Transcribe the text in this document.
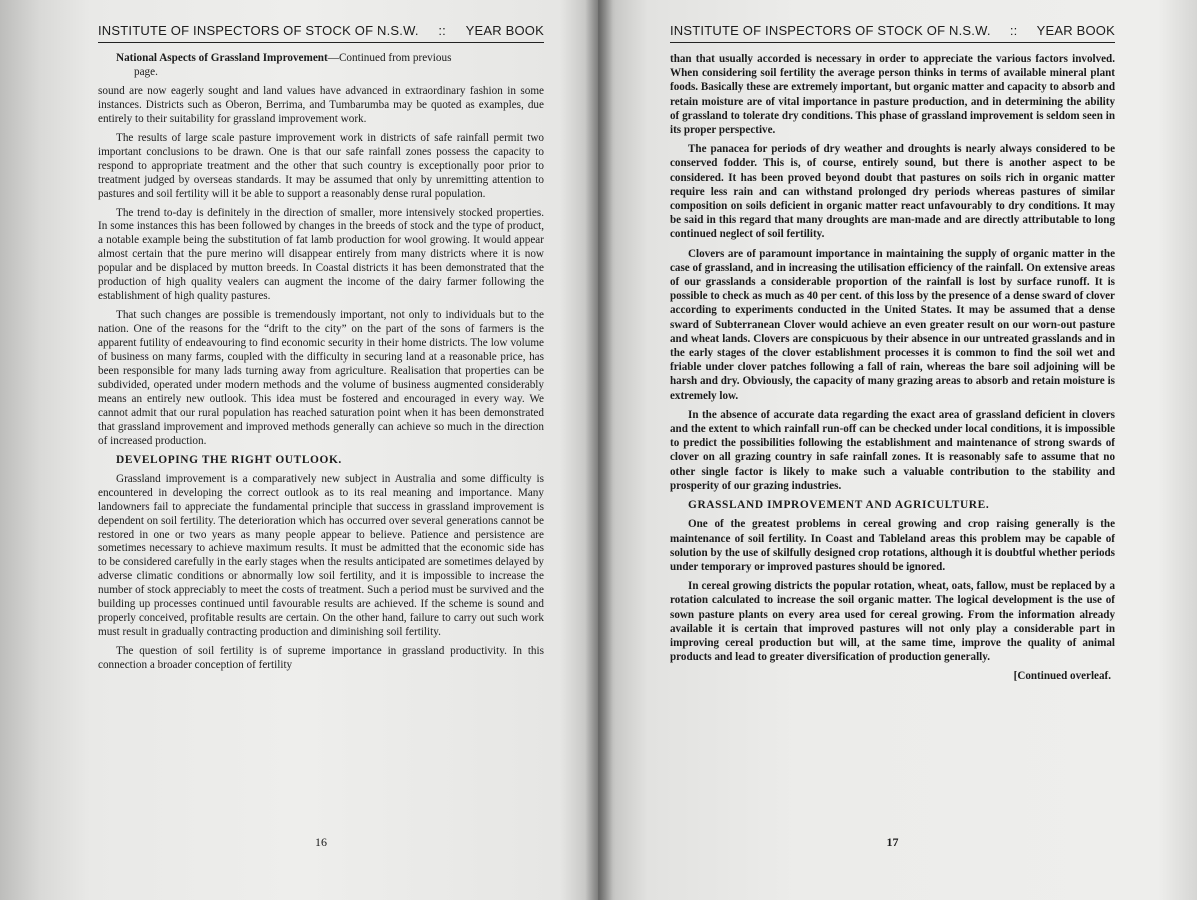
INSTITUTE OF INSPECTORS OF STOCK OF N.S.W. :: YEAR BOOK

National Aspects of Grassland Improvement—Continued from previous
page.

sound are now eagerly sought and land values have advanced in extraordinary fashion in some instances. Districts such as Oberon, Berrima, and Tumbarumba may be quoted as examples, due entirely to their suitability for grassland improvement work.

The results of large scale pasture improvement work in districts of safe rainfall permit two important conclusions to be drawn. One is that our safe rainfall zones possess the capacity to respond to appropriate treatment and the other that such country is exceptionally poor prior to treatment judged by overseas standards. It may be assumed that only by unremitting attention to pastures and soil fertility will it be able to support a reasonably dense rural population.

The trend to-day is definitely in the direction of smaller, more intensively stocked properties. In some instances this has been followed by changes in the breeds of stock and the type of product, a notable example being the substitution of fat lamb production for wool growing. It would appear almost certain that the pure merino will disappear entirely from many districts where it is now popular and be displaced by mutton breeds. In Coastal districts it has been demonstrated that the production of high quality vealers can augment the income of the dairy farmer following the establishment of high quality pastures.

That such changes are possible is tremendously important, not only to individuals but to the nation. One of the reasons for the “drift to the city” on the part of the sons of farmers is the apparent futility of endeavouring to find economic security in their home districts. The low volume of business on many farms, coupled with the difficulty in securing land at a reasonable price, has been responsible for many lads turning away from agriculture. Realisation that properties can be subdivided, operated under modern methods and the volume of business augmented considerably means an entirely new outlook. This idea must be fostered and encouraged in every way. We cannot admit that our rural population has reached saturation point when it has been demonstrated that grassland improvement and improved methods generally can achieve so much in the direction of increased production.

DEVELOPING THE RIGHT OUTLOOK.

Grassland improvement is a comparatively new subject in Australia and some difficulty is encountered in developing the correct outlook as to its real meaning and importance. Many landowners fail to appreciate the fundamental principle that success in grassland improvement is dependent on soil fertility. The deterioration which has occurred over several generations cannot be restored in one or two years as many people appear to believe. Patience and persistence are sometimes necessary to achieve maximum results. It must be admitted that the economic side has to be considered carefully in the early stages when the results anticipated are sometimes delayed by adverse climatic conditions or abnormally low soil fertility, and it is impossible to increase the number of stock appreciably to meet the costs of treatment. Such a period must be survived and the building up processes continued until favourable results are achieved. If the scheme is sound and properly conceived, profitable results are certain. On the other hand, failure to carry out such work must result in gradually contracting production and diminishing soil fertility.

The question of soil fertility is of supreme importance in grassland productivity. In this connection a broader conception of fertility

16
INSTITUTE OF INSPECTORS OF STOCK OF N.S.W. :: YEAR BOOK

than that usually accorded is necessary in order to appreciate the various factors involved. When considering soil fertility the average person thinks in terms of available mineral plant foods. Basically these are extremely important, but organic matter and capacity to absorb and retain moisture are of vital importance in pasture production, and in determining the ability of grassland to tolerate dry conditions. This phase of grassland improvement is seldom seen in its proper perspective.

The panacea for periods of dry weather and droughts is nearly always considered to be conserved fodder. This is, of course, entirely sound, but there is another aspect to be considered. It has been proved beyond doubt that pastures on soils rich in organic matter require less rain and can withstand prolonged dry periods whereas pastures of similar composition on soils deficient in organic matter react unfavourably to dry conditions. It may be said in this regard that many droughts are man-made and are directly attributable to long continued neglect of soil fertility.

Clovers are of paramount importance in maintaining the supply of organic matter in the case of grassland, and in increasing the utilisation efficiency of the rainfall. On extensive areas of our grasslands a considerable proportion of the rainfall is lost by surface runoff. It is possible to check as much as 40 per cent. of this loss by the presence of a dense sward of clover according to experiments conducted in the United States. It may be assumed that a dense sward of Subterranean Clover would achieve an even greater result on our worn-out pasture and wheat lands. Clovers are conspicuous by their absence in our untreated grasslands and in the early stages of the clover establishment processes it is common to find the soil wet and friable under clover patches following a fall of rain, whereas the bare soil adjoining will be harsh and dry. Obviously, the capacity of many grazing areas to absorb and retain moisture is extremely low.

In the absence of accurate data regarding the exact area of grassland deficient in clovers and the extent to which rainfall run-off can be checked under local conditions, it is impossible to predict the possibilities following the establishment and maintenance of strong swards of clover on all grazing country in safe rainfall zones. It is reasonably safe to assume that no other single factor is likely to make such a valuable contribution to the stability and prosperity of our grazing industries.

GRASSLAND IMPROVEMENT AND AGRICULTURE.

One of the greatest problems in cereal growing and crop raising generally is the maintenance of soil fertility. In Coast and Tableland areas this problem may be capable of solution by the use of skilfully designed crop rotations, although it is doubtful whether periods under temporary or improved pastures should be ignored.

In cereal growing districts the popular rotation, wheat, oats, fallow, must be replaced by a rotation calculated to increase the soil organic matter. The logical development is the use of sown pasture plants on every area used for cereal growing. From the information already available it is certain that improved pastures will not only play a considerable part in improving cereal production but will, at the same time, improve the quality of animal products and lead to greater diversification of production generally.

[Continued overleaf.
17
